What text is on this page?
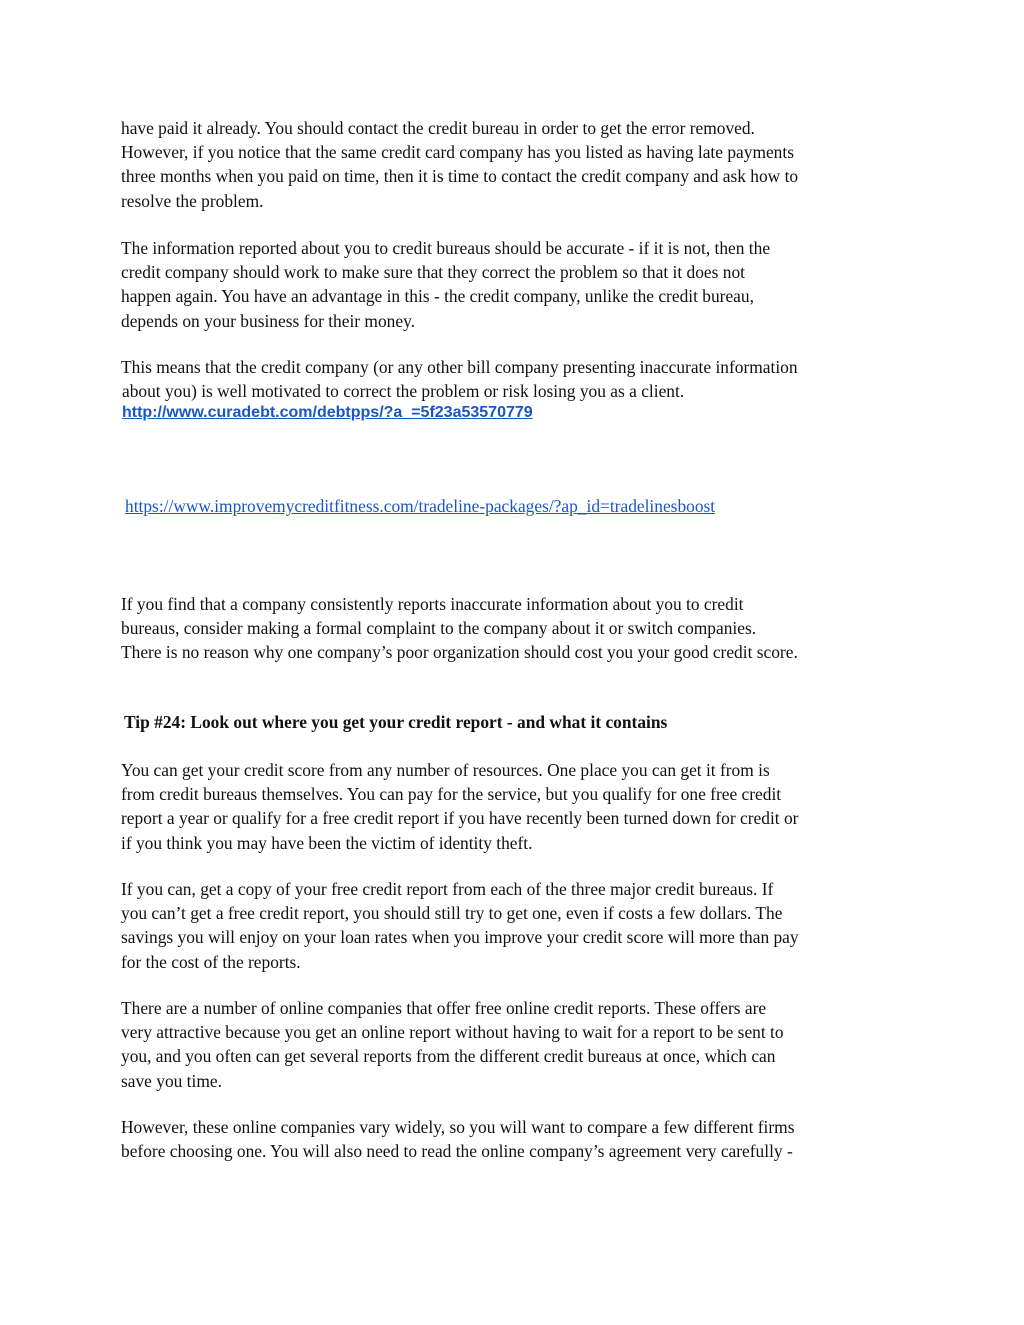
have paid it already. You should contact the credit bureau in order to get the error removed.
However, if you notice that the same credit card company has you listed as having late payments
three months when you paid on time, then it is time to contact the credit company and ask how to
resolve the problem.

The information reported about you to credit bureaus should be accurate - if it is not, then the
credit company should work to make sure that they correct the problem so that it does not
happen again. You have an advantage in this - the credit company, unlike the credit bureau,
depends on your business for their money.

This means that the credit company (or any other bill company presenting inaccurate information
about you) is well motivated to correct the problem or risk losing you as a client.

http://www.curadebt.com/debtpps/?a_=5f23a53570779
https://www.improvemycreditfitness.com/tradeline-packages/?ap_id=tradelinesboost

If you find that a company consistently reports inaccurate information about you to credit
bureaus, consider making a formal complaint to the company about it or switch companies.
There is no reason why one company’s poor organization should cost you your good credit score.

Tip #24: Look out where you get your credit report - and what it contains

You can get your credit score from any number of resources. One place you can get it from is
from credit bureaus themselves. You can pay for the service, but you qualify for one free credit
report a year or qualify for a free credit report if you have recently been turned down for credit or
if you think you may have been the victim of identity theft.

If you can, get a copy of your free credit report from each of the three major credit bureaus. If
you can’t get a free credit report, you should still try to get one, even if costs a few dollars. The
savings you will enjoy on your loan rates when you improve your credit score will more than pay
for the cost of the reports.

There are a number of online companies that offer free online credit reports. These offers are
very attractive because you get an online report without having to wait for a report to be sent to
you, and you often can get several reports from the different credit bureaus at once, which can
save you time.

However, these online companies vary widely, so you will want to compare a few different firms
before choosing one. You will also need to read the online company’s agreement very carefully -
